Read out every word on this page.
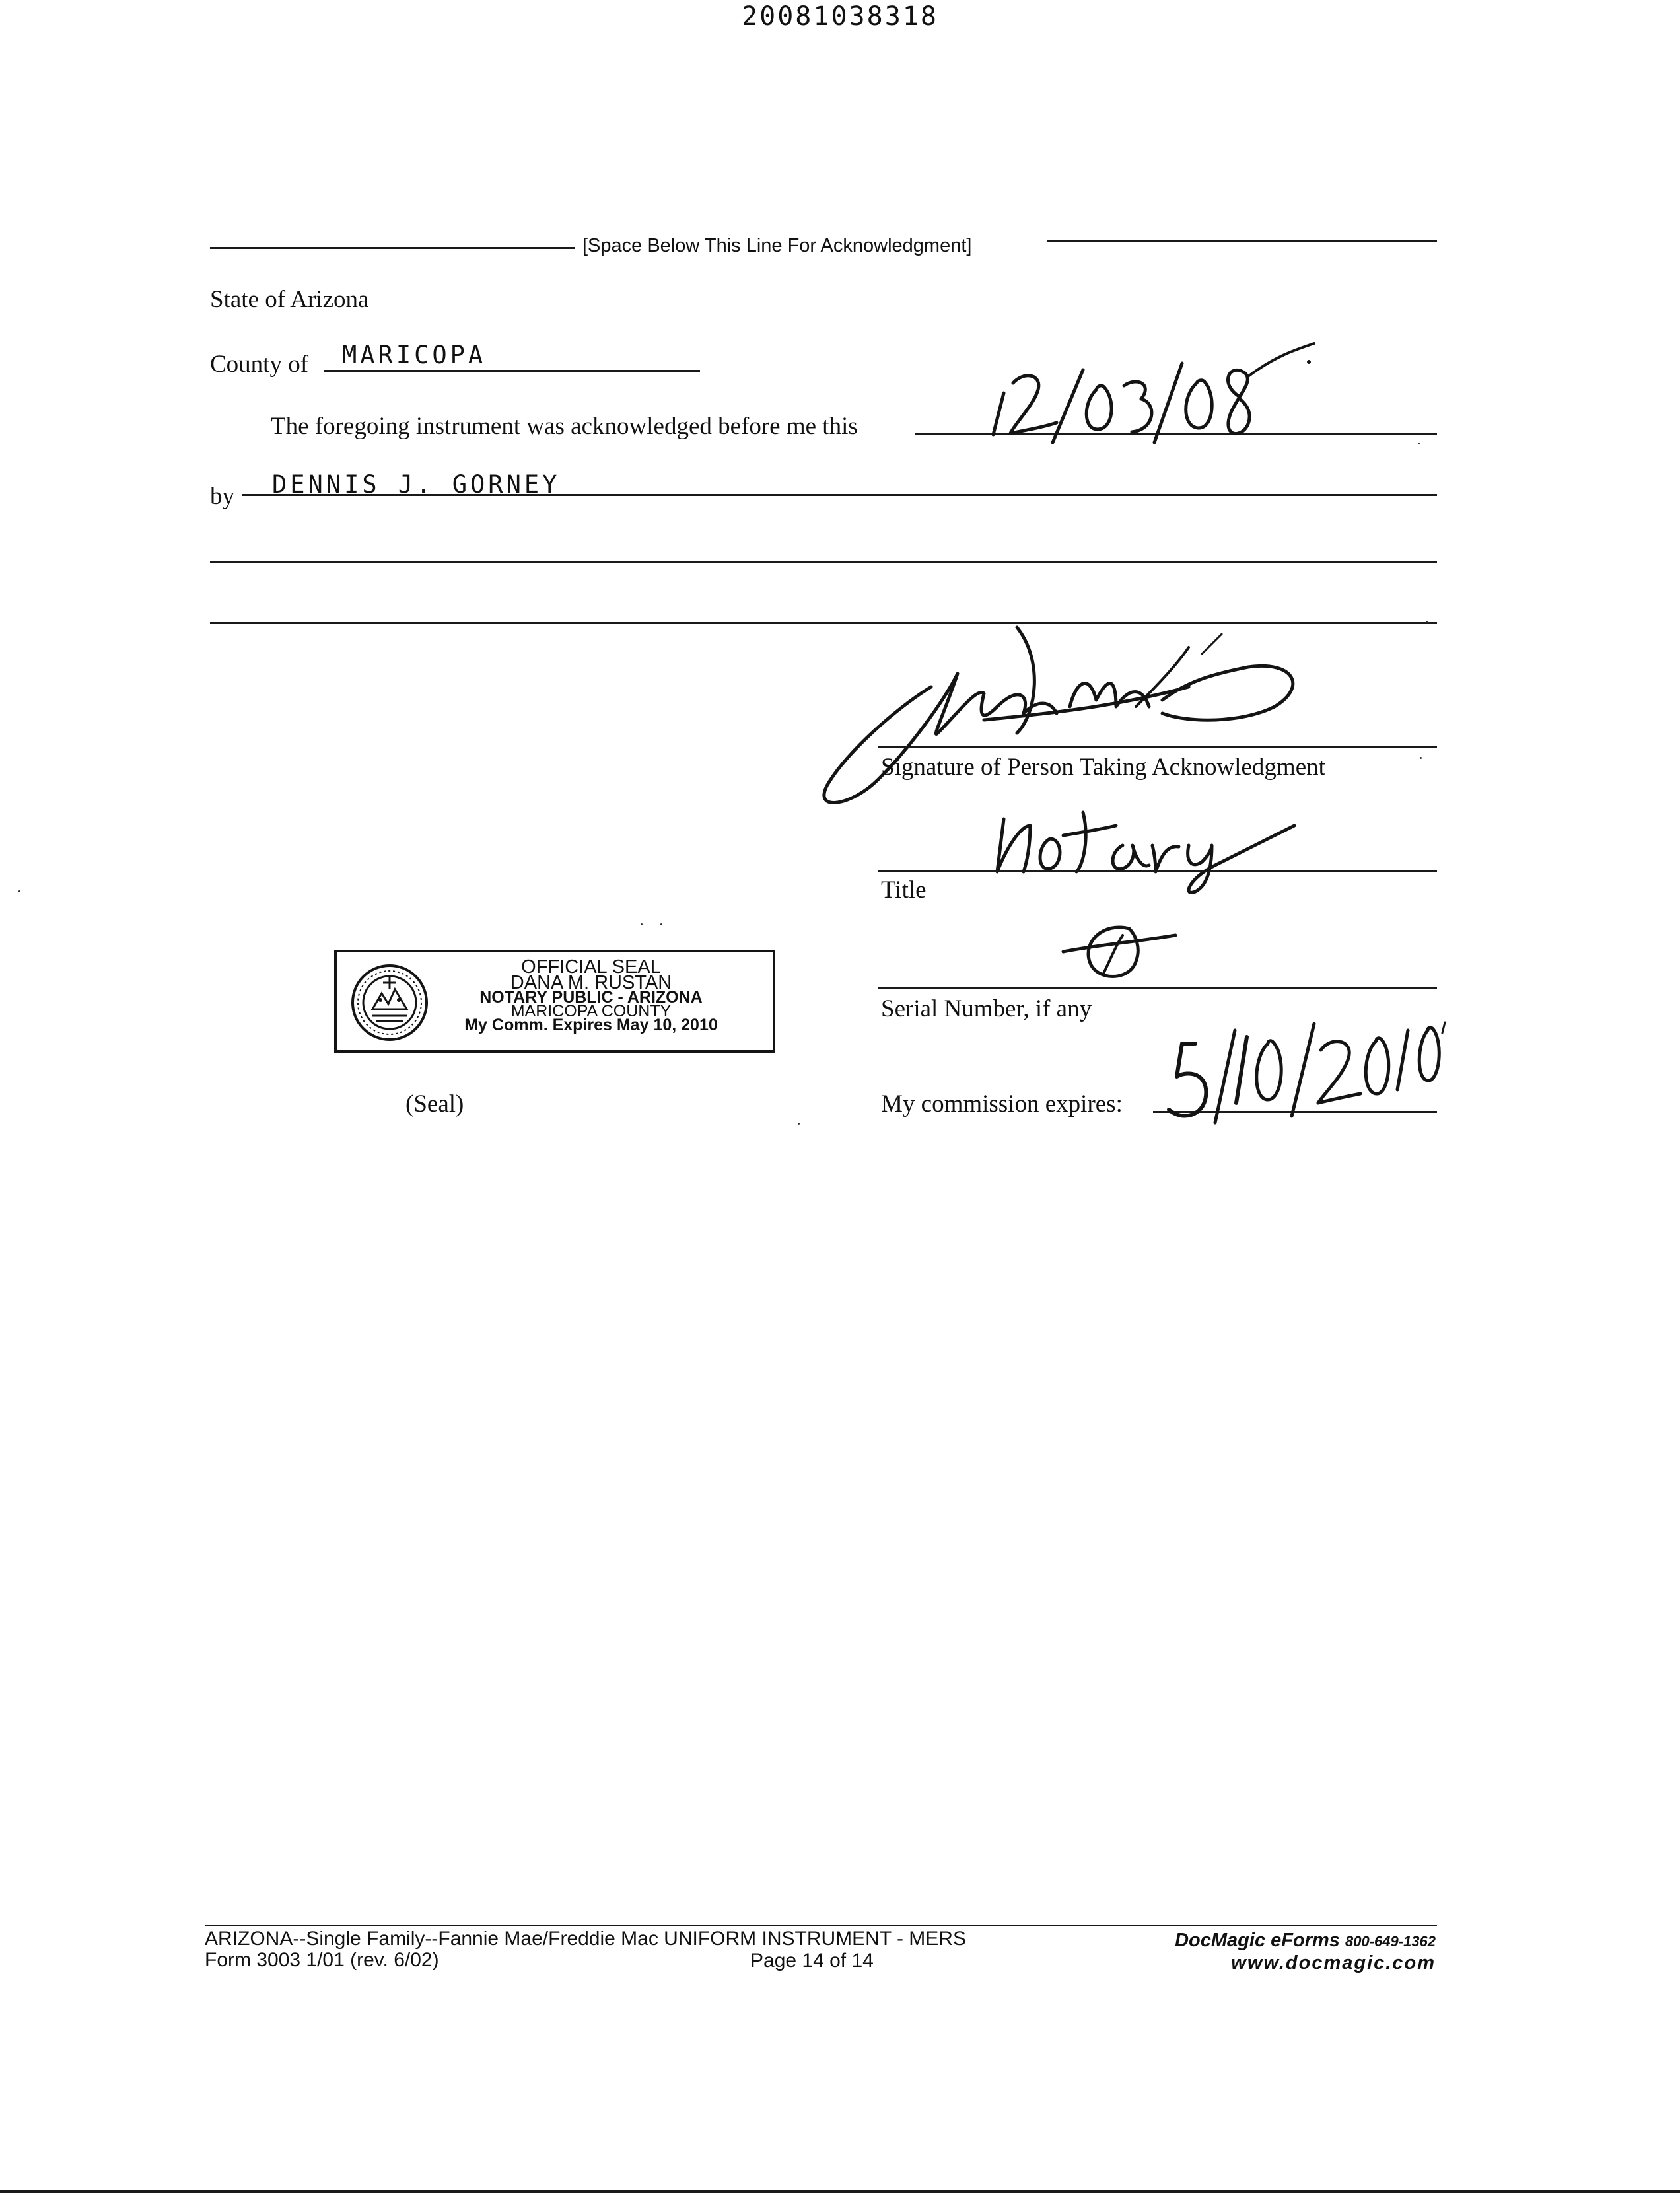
20081038318
[Space Below This Line For Acknowledgment]
State of Arizona
County of MARICOPA
The foregoing instrument was acknowledged before me this
by DENNIS J. GORNEY
Signature of Person Taking Acknowledgment
Title
Serial Number, if any
My commission expires:
OFFICIAL SEAL
DANA M. RUSTAN
NOTARY PUBLIC - ARIZONA
MARICOPA COUNTY
My Comm. Expires May 10, 2010
(Seal)
ARIZONA--Single Family--Fannie Mae/Freddie Mac UNIFORM INSTRUMENT - MERS
Form 3003 1/01 (rev. 6/02)	Page 14 of 14
DocMagic eForms 800-649-1362
www.docmagic.com
